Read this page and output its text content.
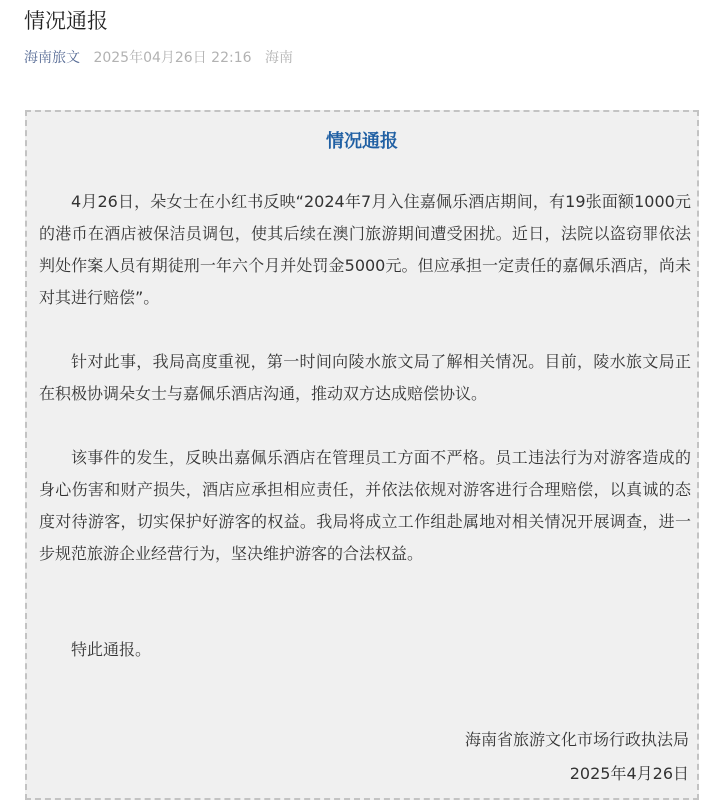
情况通报
海南旅文 2025年04月26日 22:16 海南
情况通报

4月26日，朵女士在小红书反映“2024年7月入住嘉佩乐酒店期间，有19张面额1000元的港币在酒店被保洁员调包，使其后续在澳门旅游期间遭受困扰。近日，法院以盗窃罪依法判处作案人员有期徒刑一年六个月并处罚金5000元。但应承担一定责任的嘉佩乐酒店，尚未对其进行赔偿”。

针对此事，我局高度重视，第一时间向陵水旅文局了解相关情况。目前，陵水旅文局正在积极协调朵女士与嘉佩乐酒店沟通，推动双方达成赔偿协议。

该事件的发生，反映出嘉佩乐酒店在管理员工方面不严格。员工违法行为对游客造成的身心伤害和财产损失，酒店应承担相应责任，并依法依规对游客进行合理赔偿，以真诚的态度对待游客，切实保护好游客的权益。我局将成立工作组赴属地对相关情况开展调查，进一步规范旅游企业经营行为，坚决维护游客的合法权益。

特此通报。

海南省旅游文化市场行政执法局
2025年4月26日
